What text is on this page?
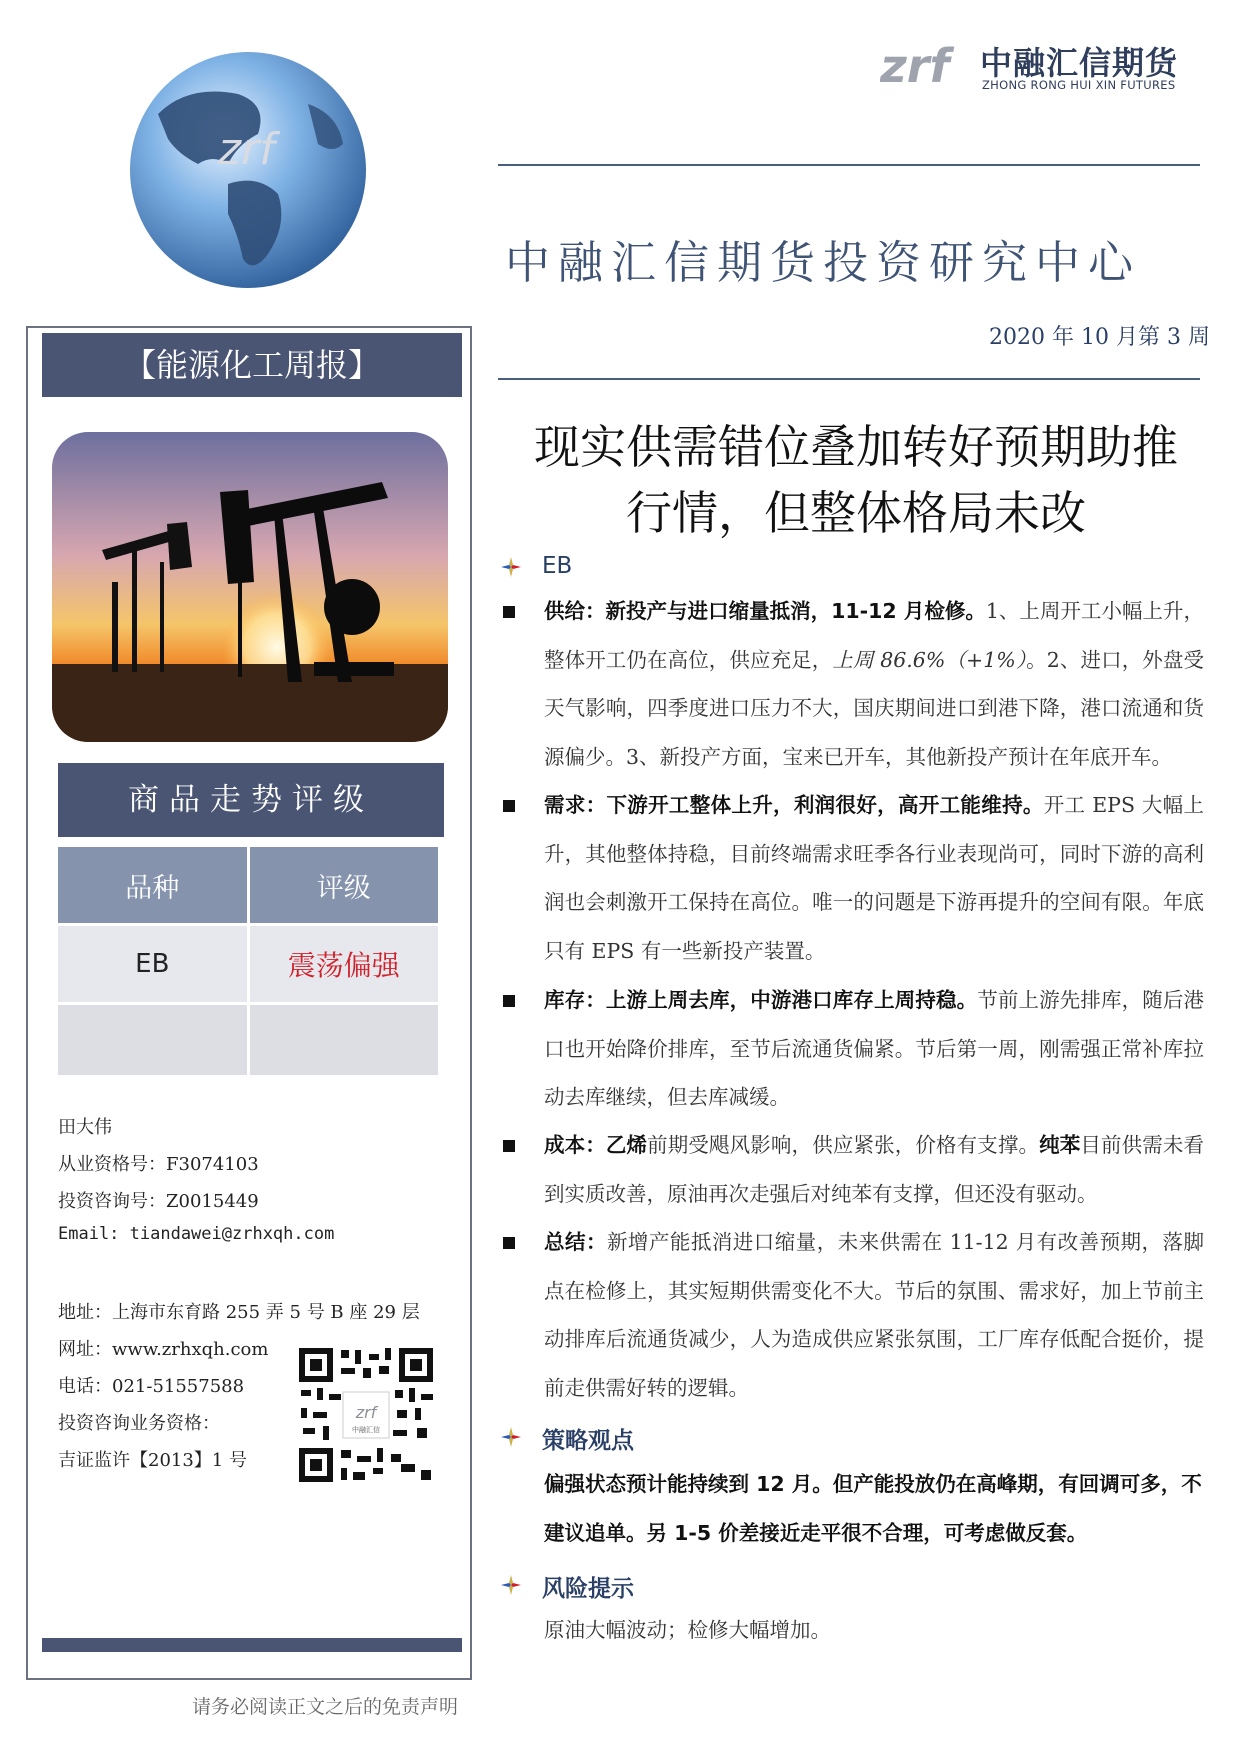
zrf
zrf 中融汇信期货
ZHONG RONG HUI XIN FUTURES
中融汇信期货投资研究中心
2020 年 10 月第 3 周
现实供需错位叠加转好预期助推
行情，但整体格局未改
【能源化工周报】
商品走势评级
品种	评级
EB	震荡偏强

田大伟
从业资格号：F3074103
投资咨询号：Z0015449
Email: tiandawei@zrhxqh.com
地址：上海市东育路 255 弄 5 号 B 座 29 层
网址：www.zrhxqh.com
电话：021-51557588
投资咨询业务资格：
吉证监许【2013】1 号
zrf
中融汇信
请务必阅读正文之后的免责声明
EB
供给：新投产与进口缩量抵消，11-12 月检修。1、上周开工小幅上升，整体开工仍在高位，供应充足，上周 86.6%（+1%）。2、进口，外盘受天气影响，四季度进口压力不大，国庆期间进口到港下降，港口流通和货源偏少。3、新投产方面，宝来已开车，其他新投产预计在年底开车。
需求：下游开工整体上升，利润很好，高开工能维持。开工 EPS 大幅上升，其他整体持稳，目前终端需求旺季各行业表现尚可，同时下游的高利润也会刺激开工保持在高位。唯一的问题是下游再提升的空间有限。年底只有 EPS 有一些新投产装置。
库存：上游上周去库，中游港口库存上周持稳。节前上游先排库，随后港口也开始降价排库，至节后流通货偏紧。节后第一周，刚需强正常补库拉动去库继续，但去库减缓。
成本：乙烯前期受飓风影响，供应紧张，价格有支撑。纯苯目前供需未看到实质改善，原油再次走强后对纯苯有支撑，但还没有驱动。
总结：新增产能抵消进口缩量，未来供需在 11-12 月有改善预期，落脚点在检修上，其实短期供需变化不大。节后的氛围、需求好，加上节前主动排库后流通货减少，人为造成供应紧张氛围，工厂库存低配合挺价，提前走供需好转的逻辑。
策略观点
偏强状态预计能持续到 12 月。但产能投放仍在高峰期，有回调可多，不建议追单。另 1-5 价差接近走平很不合理，可考虑做反套。
风险提示
原油大幅波动；检修大幅增加。
